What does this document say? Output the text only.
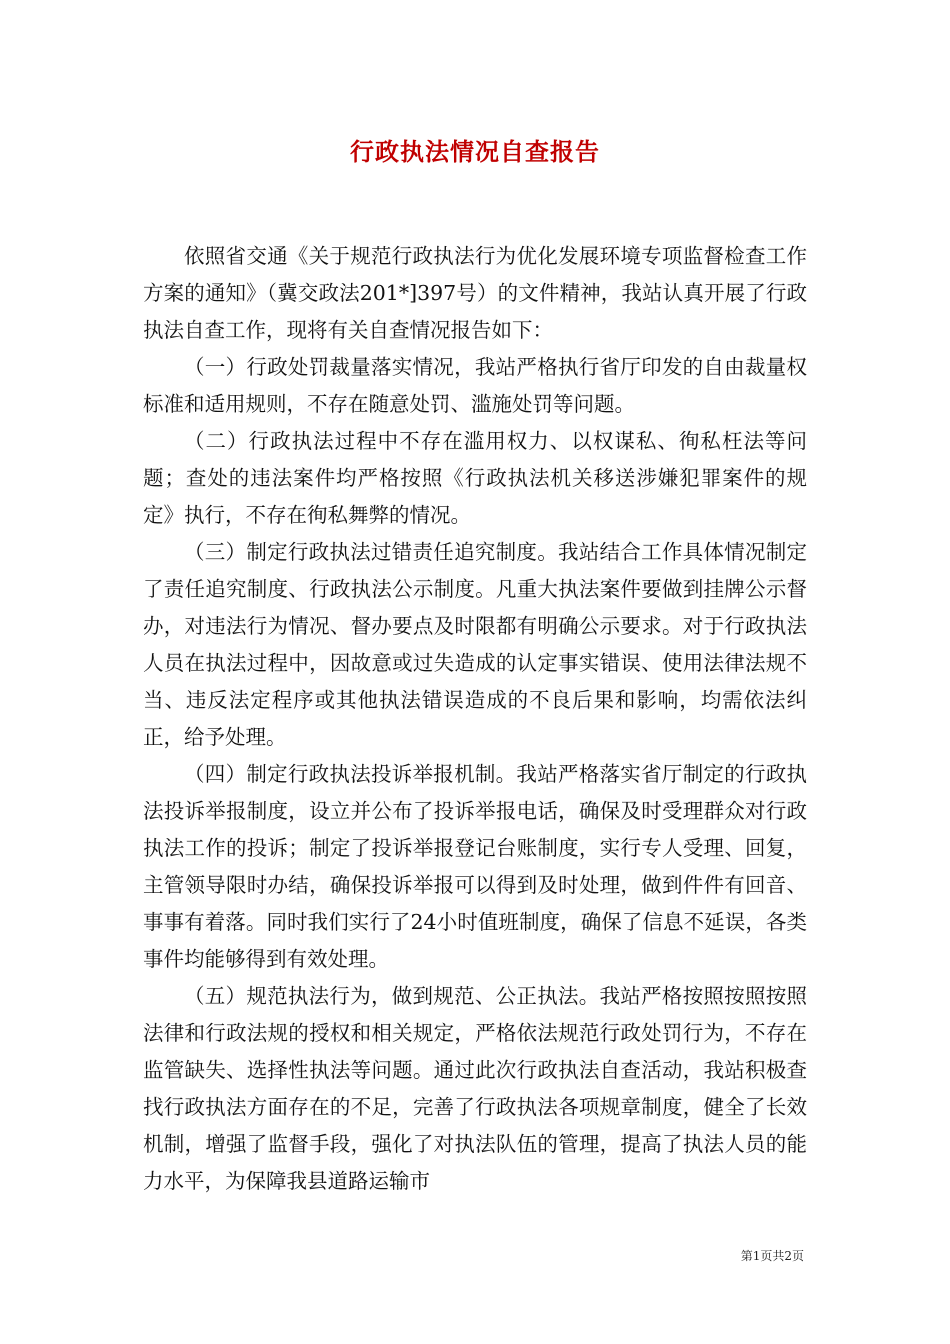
行政执法情况自查报告

依照省交通《关于规范行政执法行为优化发展环境专项监督检查工作方案的通知》（冀交政法201*]397号）的文件精神，我站认真开展了行政执法自查工作，现将有关自查情况报告如下：

（一）行政处罚裁量落实情况，我站严格执行省厅印发的自由裁量权标准和适用规则，不存在随意处罚、滥施处罚等问题。

（二）行政执法过程中不存在滥用权力、以权谋私、徇私枉法等问题；查处的违法案件均严格按照《行政执法机关移送涉嫌犯罪案件的规定》执行，不存在徇私舞弊的情况。

（三）制定行政执法过错责任追究制度。我站结合工作具体情况制定了责任追究制度、行政执法公示制度。凡重大执法案件要做到挂牌公示督办，对违法行为情况、督办要点及时限都有明确公示要求。对于行政执法人员在执法过程中，因故意或过失造成的认定事实错误、使用法律法规不当、违反法定程序或其他执法错误造成的不良后果和影响，均需依法纠正，给予处理。

（四）制定行政执法投诉举报机制。我站严格落实省厅制定的行政执法投诉举报制度，设立并公布了投诉举报电话，确保及时受理群众对行政执法工作的投诉；制定了投诉举报登记台账制度，实行专人受理、回复，主管领导限时办结，确保投诉举报可以得到及时处理，做到件件有回音、事事有着落。同时我们实行了24小时值班制度，确保了信息不延误，各类事件均能够得到有效处理。

（五）规范执法行为，做到规范、公正执法。我站严格按照按照按照法律和行政法规的授权和相关规定，严格依法规范行政处罚行为，不存在监管缺失、选择性执法等问题。通过此次行政执法自查活动，我站积极查找行政执法方面存在的不足，完善了行政执法各项规章制度，健全了长效机制，增强了监督手段，强化了对执法队伍的管理，提高了执法人员的能力水平，为保障我县道路运输市

第1页共2页
